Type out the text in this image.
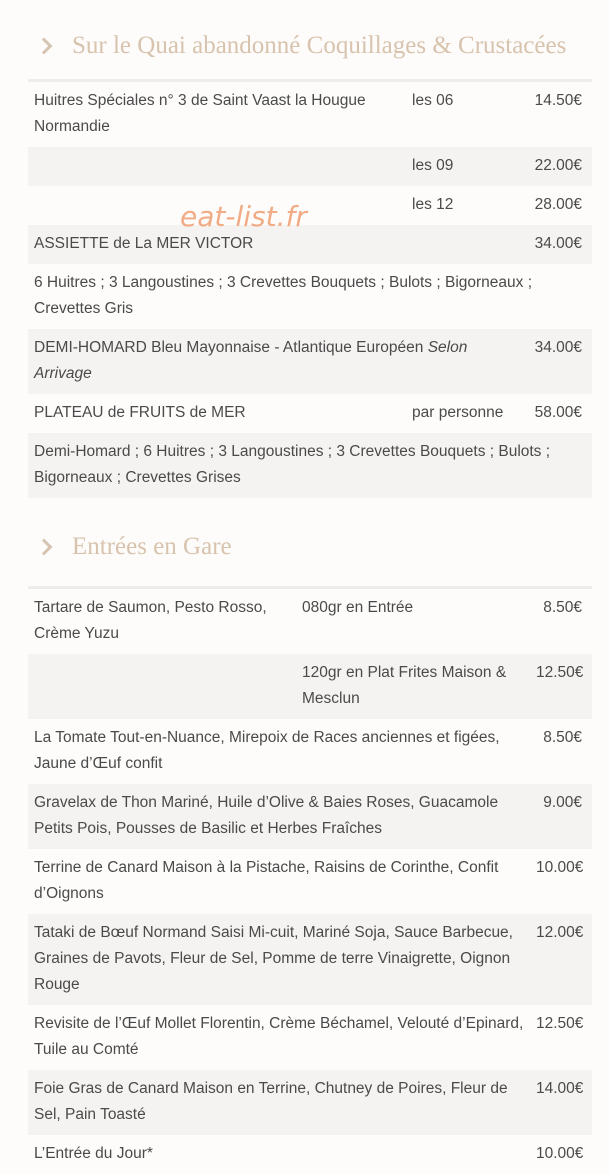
Sur le Quai abandonné Coquillages & Crustacées
Huitres Spéciales n° 3 de Saint Vaast la Hougue Normandie	les 06	14.50€
	les 09	22.00€
	les 12	28.00€
ASSIETTE de La MER VICTOR		34.00€
6 Huitres ; 3 Langoustines ; 3 Crevettes Bouquets ; Bulots ; Bigorneaux ; Crevettes Gris		
DEMI-HOMARD Bleu Mayonnaise - Atlantique Européen Selon Arrivage		34.00€
PLATEAU de FRUITS de MER	par personne	58.00€
Demi-Homard ; 6 Huitres ; 3 Langoustines ; 3 Crevettes Bouquets ; Bulots ; Bigorneaux ; Crevettes Grises		
Entrées en Gare
Tartare de Saumon, Pesto Rosso, Crème Yuzu	080gr en Entrée	8.50€
	120gr en Plat Frites Maison & Mesclun	12.50€
La Tomate Tout-en-Nuance, Mirepoix de Races anciennes et figées, Jaune d’Œuf confit		8.50€
Gravelax de Thon Mariné, Huile d’Olive & Baies Roses, Guacamole Petits Pois, Pousses de Basilic et Herbes Fraîches		9.00€
Terrine de Canard Maison à la Pistache, Raisins de Corinthe, Confit d’Oignons		10.00€
Tataki de Bœuf Normand Saisi Mi-cuit, Mariné Soja, Sauce Barbecue, Graines de Pavots, Fleur de Sel, Pomme de terre Vinaigrette, Oignon Rouge		12.00€
Revisite de l’Œuf Mollet Florentin, Crème Béchamel, Velouté d’Epinard, Tuile au Comté		12.50€
Foie Gras de Canard Maison en Terrine, Chutney de Poires, Fleur de Sel, Pain Toasté		14.00€
L’Entrée du Jour*		10.00€
eat-list.fr
